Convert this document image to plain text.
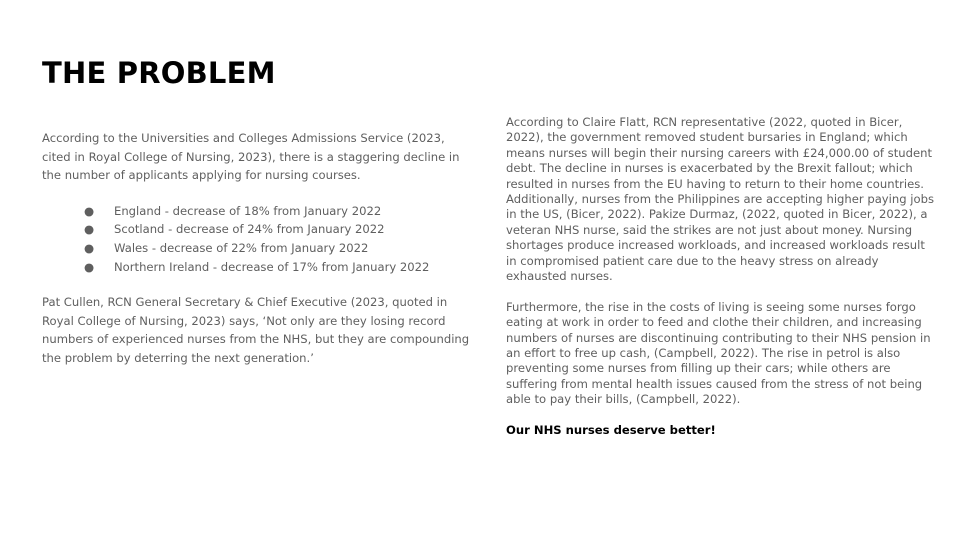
THE PROBLEM

According to the Universities and Colleges Admissions Service (2023, cited in Royal College of Nursing, 2023), there is a staggering decline in the number of applicants applying for nursing courses.

● England - decrease of 18% from January 2022
● Scotland - decrease of 24% from January 2022
● Wales - decrease of 22% from January 2022
● Northern Ireland - decrease of 17% from January 2022

Pat Cullen, RCN General Secretary & Chief Executive (2023, quoted in Royal College of Nursing, 2023) says, ‘Not only are they losing record numbers of experienced nurses from the NHS, but they are compounding the problem by deterring the next generation.’

According to Claire Flatt, RCN representative (2022, quoted in Bicer, 2022), the government removed student bursaries in England; which means nurses will begin their nursing careers with £24,000.00 of student debt. The decline in nurses is exacerbated by the Brexit fallout; which resulted in nurses from the EU having to return to their home countries. Additionally, nurses from the Philippines are accepting higher paying jobs in the US, (Bicer, 2022). Pakize Durmaz, (2022, quoted in Bicer, 2022), a veteran NHS nurse, said the strikes are not just about money. Nursing shortages produce increased workloads, and increased workloads result in compromised patient care due to the heavy stress on already exhausted nurses.

Furthermore, the rise in the costs of living is seeing some nurses forgo eating at work in order to feed and clothe their children, and increasing numbers of nurses are discontinuing contributing to their NHS pension in an effort to free up cash, (Campbell, 2022). The rise in petrol is also preventing some nurses from filling up their cars; while others are suffering from mental health issues caused from the stress of not being able to pay their bills, (Campbell, 2022).

Our NHS nurses deserve better!
